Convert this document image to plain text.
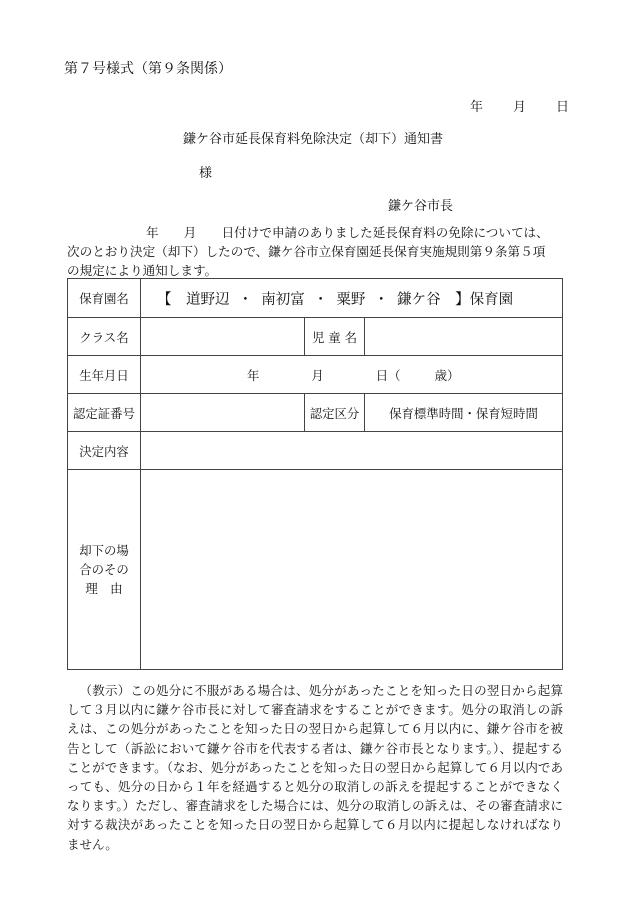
第７号様式（第９条関係）
年 月 日
鎌ケ谷市延長保育料免除決定（却下）通知書
様
鎌ケ谷市長

年　　月　　日付けで申請のありました延長保育料の免除については、

次のとおり決定（却下）したので、鎌ケ谷市立保育園延長保育実施規則第９条第５項

の規定により通知します。

保育園名	【　道野辺 ・ 南初富 ・ 粟野 ・ 鎌ケ谷　】保育園		
クラス名		児 童 名	
生年月日	年 月 日（ 歳）		
認定証番号		認定区分	保育標準時間・保育短時間
決定内容			

却下の場
合のその
理　由			

（教示）この処分に不服がある場合は、処分があったことを知った日の翌日から起算して３月以内に鎌ケ谷市長に対して審査請求をすることができます。処分の取消しの訴えは、この処分があったことを知った日の翌日から起算して６月以内に、鎌ケ谷市を被告として（訴訟において鎌ケ谷市を代表する者は、鎌ケ谷市長となります。）、提起することができます。（なお、処分があったことを知った日の翌日から起算して６月以内であっても、処分の日から１年を経過すると処分の取消しの訴えを提起することができなくなります。）ただし、審査請求をした場合には、処分の取消しの訴えは、その審査請求に対する裁決があったことを知った日の翌日から起算して６月以内に提起しなければなりません。
